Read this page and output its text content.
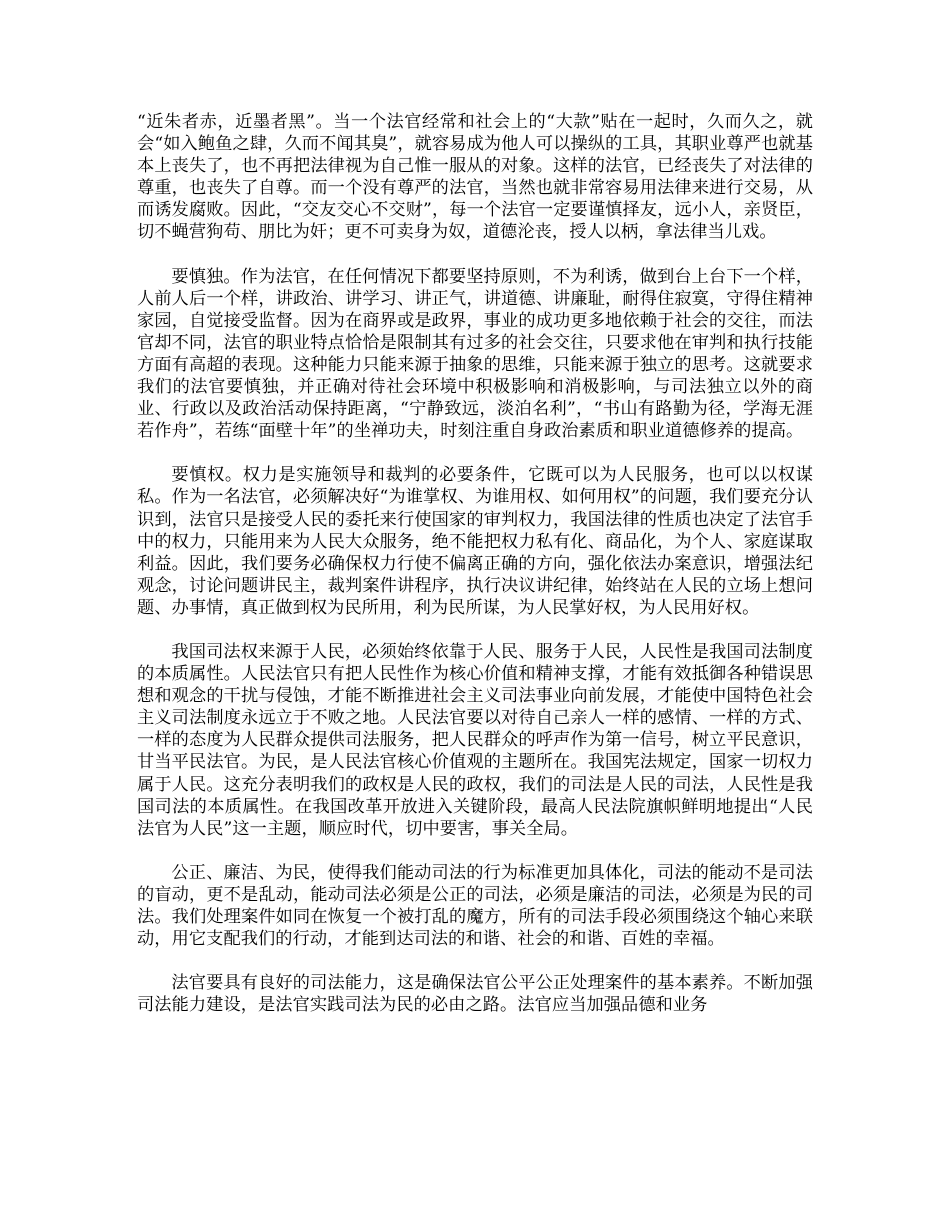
“近朱者赤，近墨者黑”。当一个法官经常和社会上的“大款”贴在一起时，久而久之，就会“如入鲍鱼之肆，久而不闻其臭”，就容易成为他人可以操纵的工具，其职业尊严也就基本上丧失了，也不再把法律视为自己惟一服从的对象。这样的法官，已经丧失了对法律的尊重，也丧失了自尊。而一个没有尊严的法官，当然也就非常容易用法律来进行交易，从而诱发腐败。因此，“交友交心不交财”，每一个法官一定要谨慎择友，远小人，亲贤臣，切不蝇营狗苟、朋比为奸；更不可卖身为奴，道德沦丧，授人以柄，拿法律当儿戏。

要慎独。作为法官，在任何情况下都要坚持原则，不为利诱，做到台上台下一个样，人前人后一个样，讲政治、讲学习、讲正气，讲道德、讲廉耻，耐得住寂寞，守得住精神家园，自觉接受监督。因为在商界或是政界，事业的成功更多地依赖于社会的交往，而法官却不同，法官的职业特点恰恰是限制其有过多的社会交往，只要求他在审判和执行技能方面有高超的表现。这种能力只能来源于抽象的思维，只能来源于独立的思考。这就要求我们的法官要慎独，并正确对待社会环境中积极影响和消极影响，与司法独立以外的商业、行政以及政治活动保持距离，“宁静致远，淡泊名利”，“书山有路勤为径，学海无涯若作舟”，若练“面壁十年”的坐禅功夫，时刻注重自身政治素质和职业道德修养的提高。

要慎权。权力是实施领导和裁判的必要条件，它既可以为人民服务，也可以以权谋私。作为一名法官，必须解决好“为谁掌权、为谁用权、如何用权”的问题，我们要充分认识到，法官只是接受人民的委托来行使国家的审判权力，我国法律的性质也决定了法官手中的权力，只能用来为人民大众服务，绝不能把权力私有化、商品化，为个人、家庭谋取利益。因此，我们要务必确保权力行使不偏离正确的方向，强化依法办案意识，增强法纪观念，讨论问题讲民主，裁判案件讲程序，执行决议讲纪律，始终站在人民的立场上想问题、办事情，真正做到权为民所用，利为民所谋，为人民掌好权，为人民用好权。

我国司法权来源于人民，必须始终依靠于人民、服务于人民，人民性是我国司法制度的本质属性。人民法官只有把人民性作为核心价值和精神支撑，才能有效抵御各种错误思想和观念的干扰与侵蚀，才能不断推进社会主义司法事业向前发展，才能使中国特色社会主义司法制度永远立于不败之地。人民法官要以对待自己亲人一样的感情、一样的方式、一样的态度为人民群众提供司法服务，把人民群众的呼声作为第一信号，树立平民意识，甘当平民法官。为民，是人民法官核心价值观的主题所在。我国宪法规定，国家一切权力属于人民。这充分表明我们的政权是人民的政权，我们的司法是人民的司法，人民性是我国司法的本质属性。在我国改革开放进入关键阶段，最高人民法院旗帜鲜明地提出“人民法官为人民”这一主题，顺应时代，切中要害，事关全局。

公正、廉洁、为民，使得我们能动司法的行为标准更加具体化，司法的能动不是司法的盲动，更不是乱动，能动司法必须是公正的司法，必须是廉洁的司法，必须是为民的司法。我们处理案件如同在恢复一个被打乱的魔方，所有的司法手段必须围绕这个轴心来联动，用它支配我们的行动，才能到达司法的和谐、社会的和谐、百姓的幸福。

法官要具有良好的司法能力，这是确保法官公平公正处理案件的基本素养。不断加强司法能力建设，是法官实践司法为民的必由之路。法官应当加强品德和业务
